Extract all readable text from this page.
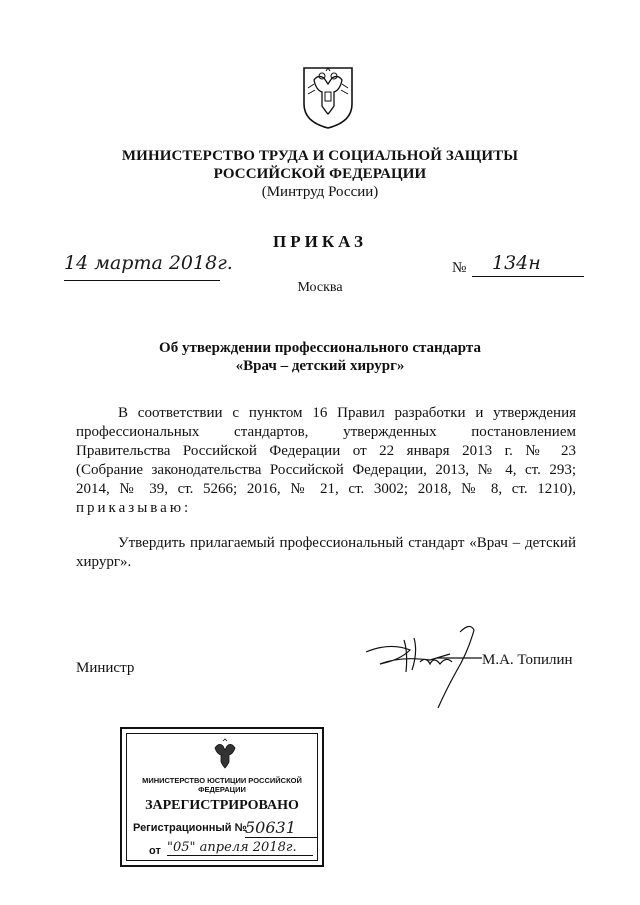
МИНИСТЕРСТВО ТРУДА И СОЦИАЛЬНОЙ ЗАЩИТЫ
РОССИЙСКОЙ ФЕДЕРАЦИИ
(Минтруд России)
ПРИКАЗ
14 марта 2018г.	№ 134н
Москва
Об утверждении профессионального стандарта
«Врач – детский хирург»
В соответствии с пунктом 16 Правил разработки и утверждения
профессиональных стандартов, утвержденных постановлением
Правительства Российской Федерации от 22 января 2013 г. № 23
(Собрание законодательства Российской Федерации, 2013, № 4, ст. 293;
2014, № 39, ст. 5266; 2016, № 21, ст. 3002; 2018, № 8, ст. 1210),
приказываю:
Утвердить прилагаемый профессиональный стандарт «Врач – детский
хирург».
Министр	М.А. Топилин
МИНИСТЕРСТВО ЮСТИЦИИ РОССИЙСКОЙ ФЕДЕРАЦИИ
ЗАРЕГИСТРИРОВАНО
Регистрационный №
50631
от "05" апреля 2018г.
